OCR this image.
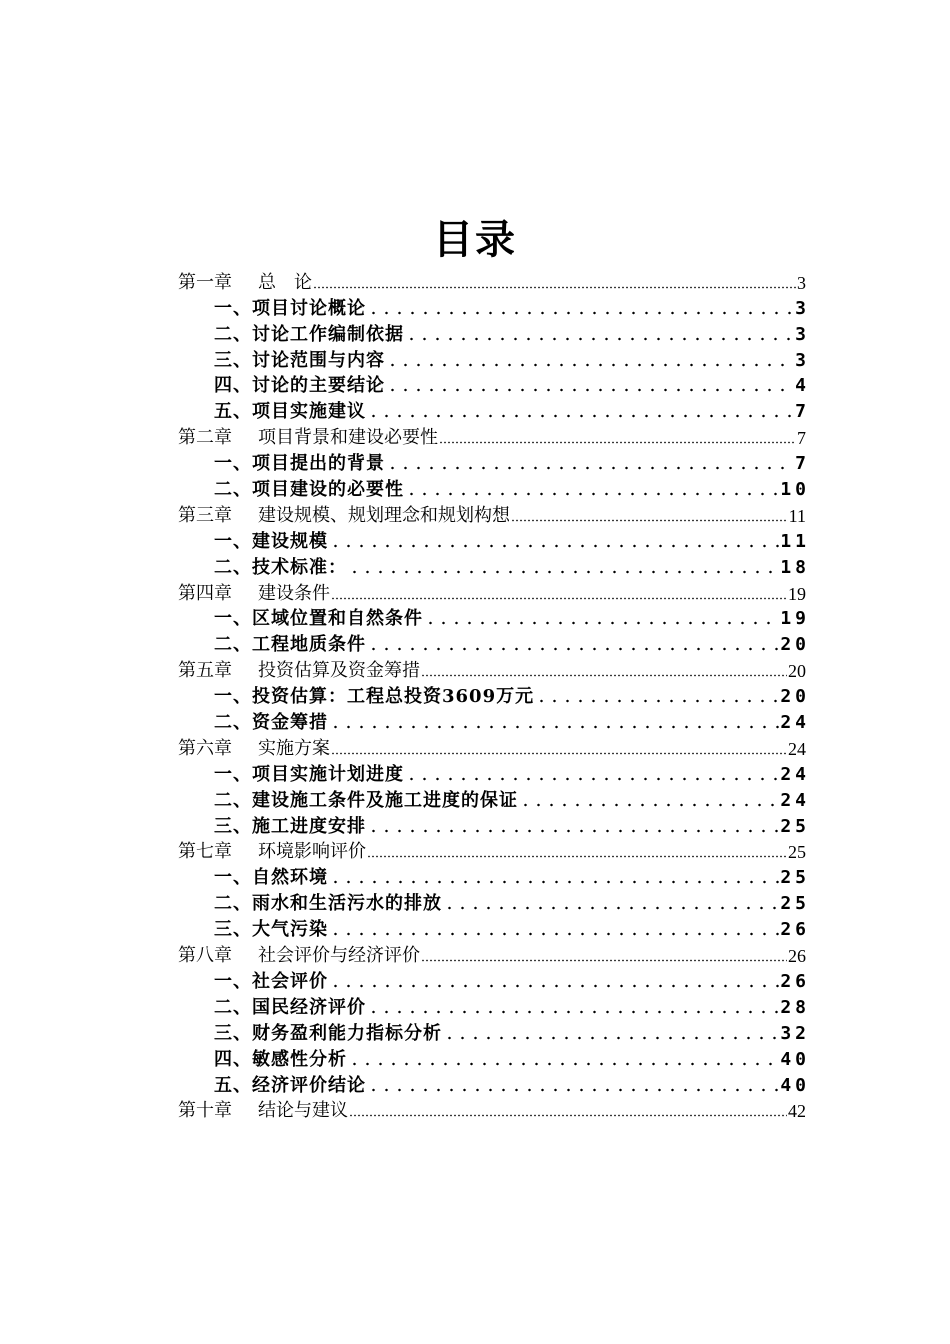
目录
第一章 总　论	3
一、项目讨论概论	3
二、讨论工作编制依据	3
三、讨论范围与内容	3
四、讨论的主要结论	4
五、项目实施建议	7
第二章 项目背景和建设必要性	7
一、项目提出的背景	7
二、项目建设的必要性	10
第三章 建设规模、规划理念和规划构想	11
一、建设规模	11
二、技术标准：	18
第四章 建设条件	19
一、区域位置和自然条件	19
二、工程地质条件	20
第五章 投资估算及资金筹措	20
一、投资估算：工程总投资3609万元	20
二、资金筹措	24
第六章 实施方案	24
一、项目实施计划进度	24
二、建设施工条件及施工进度的保证	24
三、施工进度安排	25
第七章 环境影响评价	25
一、自然环境	25
二、雨水和生活污水的排放	25
三、大气污染	26
第八章 社会评价与经济评价	26
一、社会评价	26
二、国民经济评价	28
三、财务盈利能力指标分析	32
四、敏感性分析	40
五、经济评价结论	40
第十章 结论与建议	42
